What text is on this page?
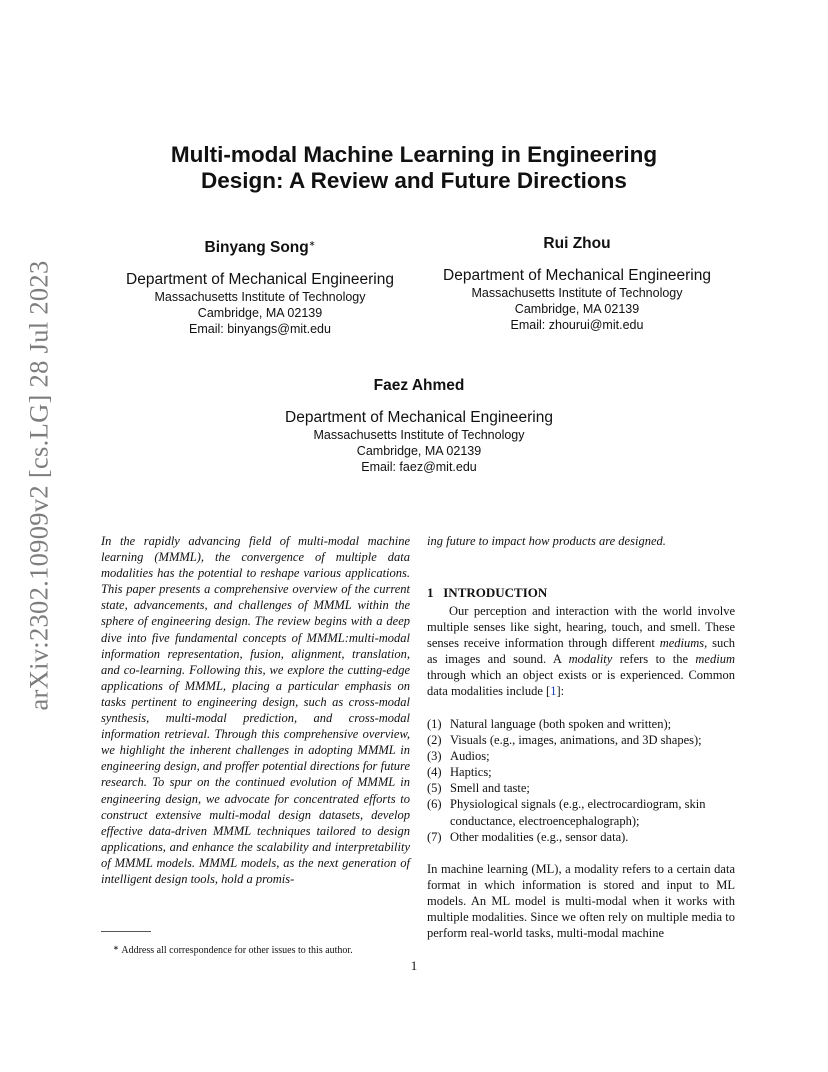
arXiv:2302.10909v2 [cs.LG] 28 Jul 2023
Multi-modal Machine Learning in Engineering
Design: A Review and Future Directions
Binyang Song∗
Department of Mechanical Engineering
Massachusetts Institute of Technology
Cambridge, MA 02139
Email: binyangs@mit.edu
Rui Zhou
Department of Mechanical Engineering
Massachusetts Institute of Technology
Cambridge, MA 02139
Email: zhourui@mit.edu
Faez Ahmed
Department of Mechanical Engineering
Massachusetts Institute of Technology
Cambridge, MA 02139
Email: faez@mit.edu

In the rapidly advancing field of multi-modal machine learning (MMML), the convergence of multiple data modalities has the potential to reshape various applications. This paper presents a comprehensive overview of the current state, advancements, and challenges of MMML within the sphere of engineering design. The review begins with a deep dive into five fundamental concepts of MMML:multi-modal information representation, fusion, alignment, translation, and co-learning. Following this, we explore the cutting-edge applications of MMML, placing a particular emphasis on tasks pertinent to engineering design, such as cross-modal synthesis, multi-modal prediction, and cross-modal information retrieval. Through this comprehensive overview, we highlight the inherent challenges in adopting MMML in engineering design, and proffer potential directions for future research. To spur on the continued evolution of MMML in engineering design, we advocate for concentrated efforts to construct extensive multi-modal design datasets, develop effective data-driven MMML techniques tailored to design applications, and enhance the scalability and interpretability of MMML models. MMML models, as the next generation of intelligent design tools, hold a promis-

ing future to impact how products are designed.

1 INTRODUCTION

Our perception and interaction with the world involve multiple senses like sight, hearing, touch, and smell. These senses receive information through different mediums, such as images and sound. A modality refers to the medium through which an object exists or is experienced. Common data modalities include [1]:

(1) Natural language (both spoken and written);
(2) Visuals (e.g., images, animations, and 3D shapes);
(3) Audios;
(4) Haptics;
(5) Smell and taste;
(6) Physiological signals (e.g., electrocardiogram, skin conductance, electroencephalograph);
(7) Other modalities (e.g., sensor data).

In machine learning (ML), a modality refers to a certain data format in which information is stored and input to ML models. An ML model is multi-modal when it works with multiple modalities. Since we often rely on multiple media to perform real-world tasks, multi-modal machine

∗ Address all correspondence for other issues to this author.
1
